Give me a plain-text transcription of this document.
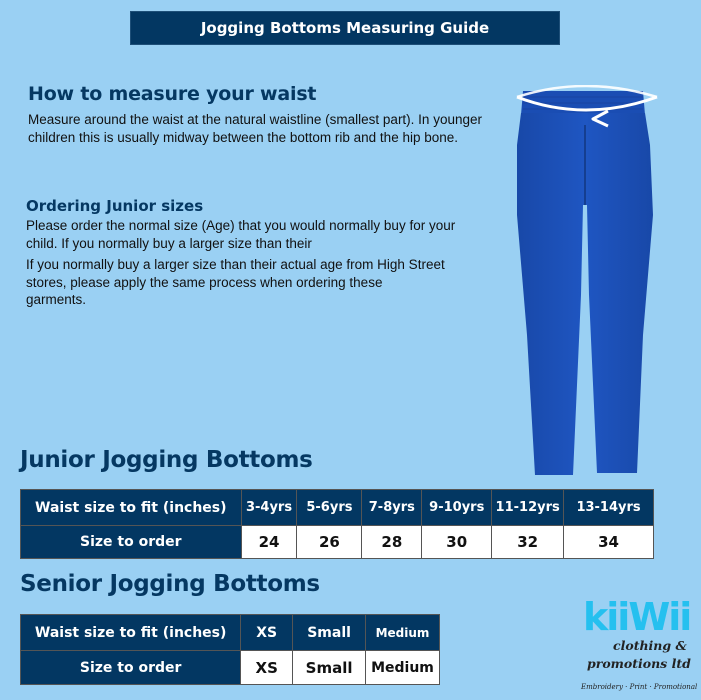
Jogging Bottoms Measuring Guide
How to measure your waist

Measure around the waist at the natural waistline (smallest part). In younger children this is usually midway between the bottom rib and the hip bone.

Ordering Junior sizes

Please order the normal size (Age) that you would normally buy for your child. If you normally buy a larger size than their

If you normally buy a larger size than their actual age from High Street stores, please apply the same process when ordering these garments.

Junior Jogging Bottoms
Waist size to fit (inches)	3-4yrs	5-6yrs	7-8yrs	9-10yrs	11-12yrs	13-14yrs
Size to order	24	26	28	30	32	34
Senior Jogging Bottoms
Waist size to fit (inches)	XS	Small	Medium
Size to order	XS	Small	Medium
kiiWii
clothing &
promotions ltd
Embroidery · Print · Promotional
